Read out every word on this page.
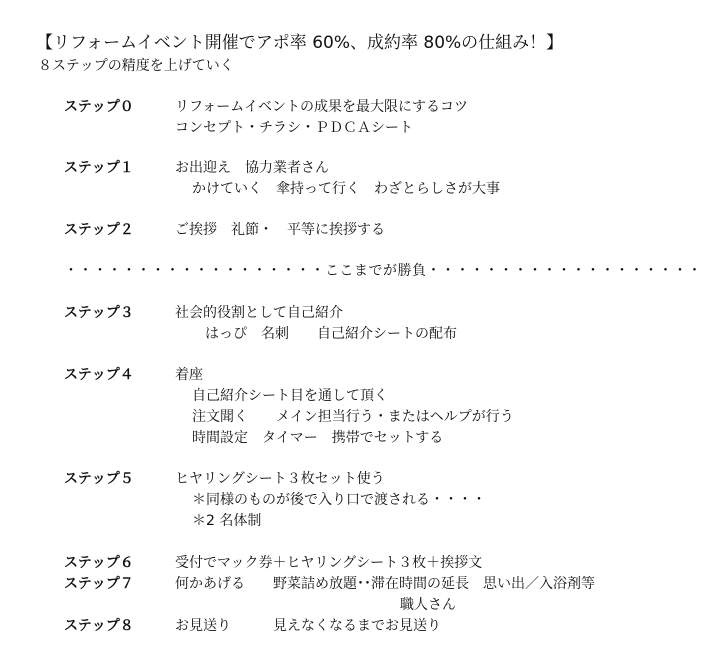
【リフォームイベント開催でアポ率 60%、成約率 80%の仕組み！】
８ステップの精度を上げていく
ステップ０	リフォームイベントの成果を最大限にするコツ
コンセプト・チラシ・ＰＤＣＡシート
ステップ１	お出迎え　協力業者さん
かけていく　傘持って行く　わざとらしさが大事
ステップ２	ご挨拶　礼節・　平等に挨拶する
・・・・・・・・・・・・・・・・・・ここまでが勝負・・・・・・・・・・・・・・・・・・・
ステップ３	社会的役割として自己紹介
はっぴ　名刺　　自己紹介シートの配布
ステップ４	着座
自己紹介シート目を通して頂く
注文聞く　　メイン担当行う・またはヘルプが行う
時間設定　タイマー　携帯でセットする
ステップ５	ヒヤリングシート３枚セット使う
＊同様のものが後で入り口で渡される・・・・
＊2 名体制
ステップ６	受付でマック券＋ヒヤリングシート３枚＋挨拶文
ステップ７	何かあげる　　野菜詰め放題･･滞在時間の延長　思い出／入浴剤等
職人さん
ステップ８	お見送り　　　見えなくなるまでお見送り
